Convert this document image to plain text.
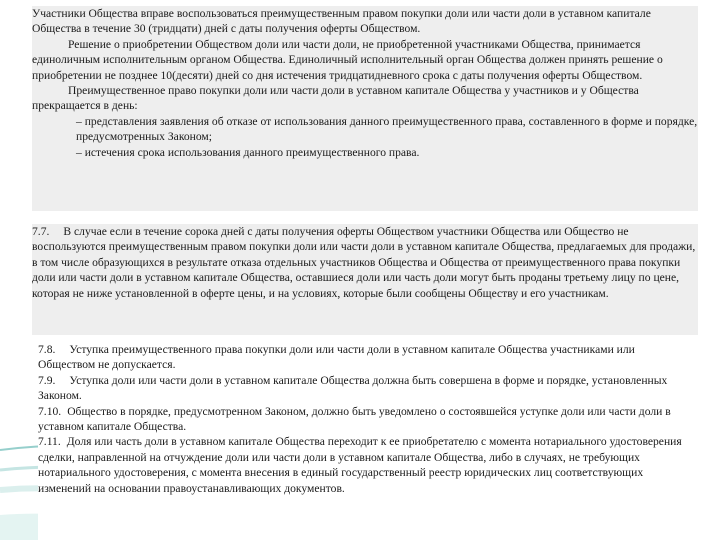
Участники Общества вправе воспользоваться преимущественным правом покупки доли или части доли в уставном капитале Общества в течение 30 (тридцати) дней с даты получения оферты Обществом.

Решение о приобретении Обществом доли или части доли, не приобретенной участниками Общества, принимается единоличным исполнительным органом Общества. Единоличный исполнительный орган Общества должен принять решение о приобретении не позднее 10(десяти) дней со дня истечения тридцатидневного срока с даты получения оферты Обществом.

Преимущественное право покупки доли или части доли в уставном капитале Общества у участников и у Общества прекращается в день:

– представления заявления об отказе от использования данного преимущественного права, составленного в форме и порядке, предусмотренных Законом;

– истечения срока использования данного преимущественного права.

7.7. В случае если в течение сорока дней с даты получения оферты Обществом участники Общества или Общество не воспользуются преимущественным правом покупки доли или части доли в уставном капитале Общества, предлагаемых для продажи, в том числе образующихся в результате отказа отдельных участников Общества и Общества от преимущественного права покупки доли или части доли в уставном капитале Общества, оставшиеся доли или часть доли могут быть проданы третьему лицу по цене, которая не ниже установленной в оферте цены, и на условиях, которые были сообщены Обществу и его участникам.

7.8. Уступка преимущественного права покупки доли или части доли в уставном капитале Общества участниками или Обществом не допускается.

7.9. Уступка доли или части доли в уставном капитале Общества должна быть совершена в форме и порядке, установленных Законом.

7.10. Общество в порядке, предусмотренном Законом, должно быть уведомлено о состоявшейся уступке доли или части доли в уставном капитале Общества.

7.11. Доля или часть доли в уставном капитале Общества переходит к ее приобретателю с момента нотариального удостоверения сделки, направленной на отчуждение доли или части доли в уставном капитале Общества, либо в случаях, не требующих нотариального удостоверения, с момента внесения в единый государственный реестр юридических лиц соответствующих изменений на основании правоустанавливающих документов.
